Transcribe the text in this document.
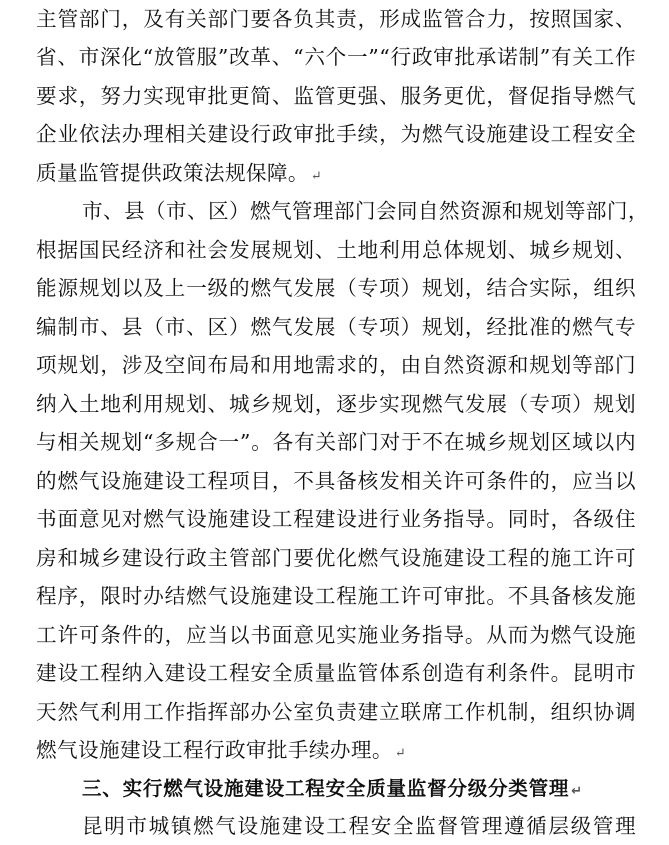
主管部门，及有关部门要各负其责，形成监管合力，按照国家、
省、市深化“放管服”改革、“六个一”“行政审批承诺制”有关工作
要求，努力实现审批更简、监管更强、服务更优，督促指导燃气
企业依法办理相关建设行政审批手续，为燃气设施建设工程安全
质量监管提供政策法规保障。 ↵
市、县（市、区）燃气管理部门会同自然资源和规划等部门，
根据国民经济和社会发展规划、土地利用总体规划、城乡规划、
能源规划以及上一级的燃气发展（专项）规划，结合实际，组织
编制市、县（市、区）燃气发展（专项）规划，经批准的燃气专
项规划，涉及空间布局和用地需求的，由自然资源和规划等部门
纳入土地利用规划、城乡规划，逐步实现燃气发展（专项）规划
与相关规划“多规合一”。各有关部门对于不在城乡规划区域以内
的燃气设施建设工程项目，不具备核发相关许可条件的，应当以
书面意见对燃气设施建设工程建设进行业务指导。同时，各级住
房和城乡建设行政主管部门要优化燃气设施建设工程的施工许可
程序，限时办结燃气设施建设工程施工许可审批。不具备核发施
工许可条件的，应当以书面意见实施业务指导。从而为燃气设施
建设工程纳入建设工程安全质量监管体系创造有利条件。昆明市
天然气利用工作指挥部办公室负责建立联席工作机制，组织协调
燃气设施建设工程行政审批手续办理。 ↵
三、实行燃气设施建设工程安全质量监督分级分类管理 ↵
昆明市城镇燃气设施建设工程安全监督管理遵循层级管理
